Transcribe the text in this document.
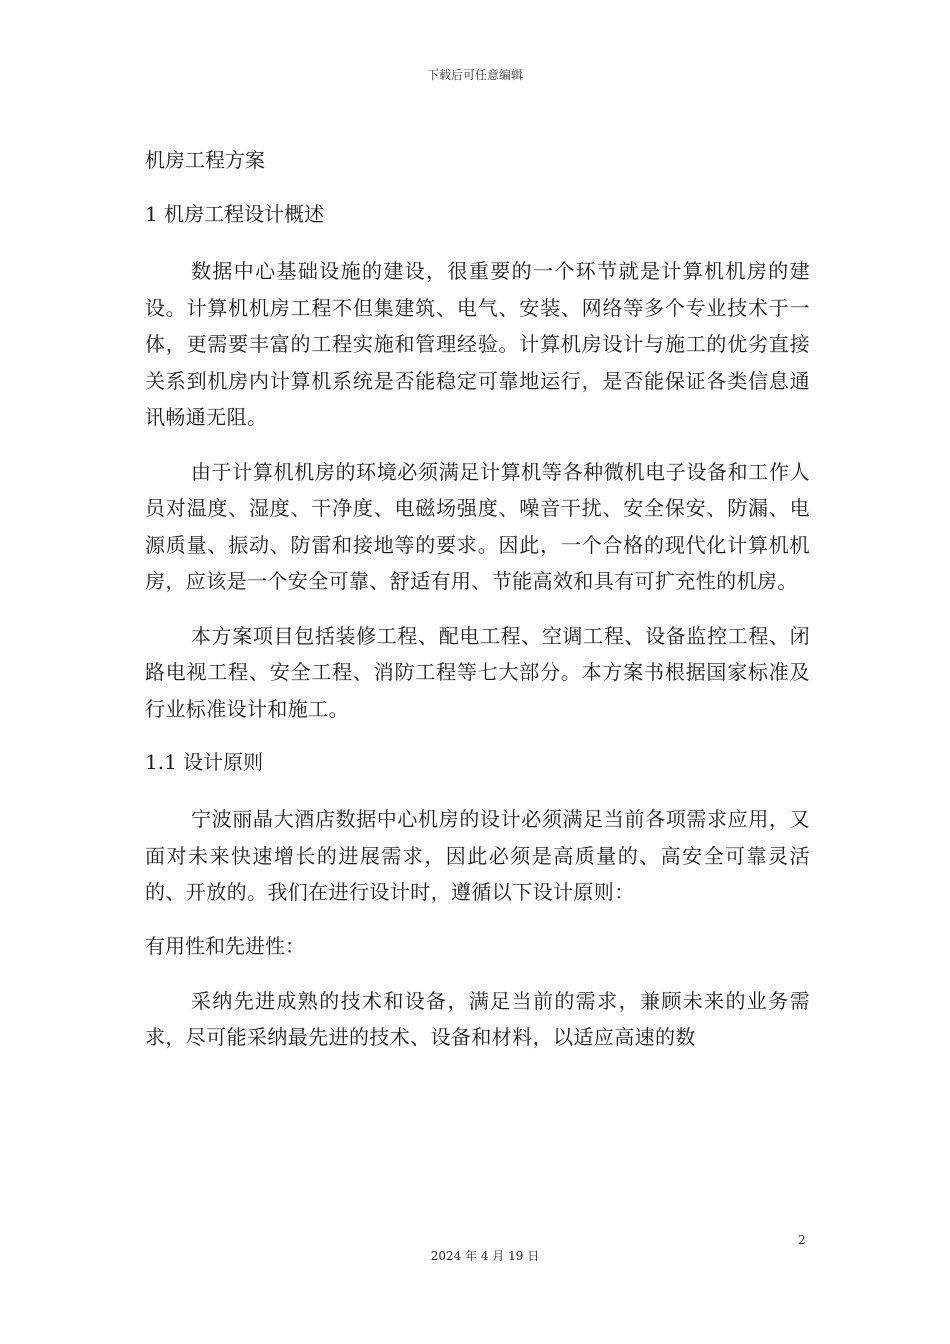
下载后可任意编辑
机房工程方案
1 机房工程设计概述

数据中心基础设施的建设，很重要的一个环节就是计算机机房的建设。计算机机房工程不但集建筑、电气、安装、网络等多个专业技术于一体，更需要丰富的工程实施和管理经验。计算机房设计与施工的优劣直接关系到机房内计算机系统是否能稳定可靠地运行，是否能保证各类信息通讯畅通无阻。

由于计算机机房的环境必须满足计算机等各种微机电子设备和工作人员对温度、湿度、干净度、电磁场强度、噪音干扰、安全保安、防漏、电源质量、振动、防雷和接地等的要求。因此，一个合格的现代化计算机机房，应该是一个安全可靠、舒适有用、节能高效和具有可扩充性的机房。

本方案项目包括装修工程、配电工程、空调工程、设备监控工程、闭路电视工程、安全工程、消防工程等七大部分。本方案书根据国家标准及行业标准设计和施工。

1.1 设计原则

宁波丽晶大酒店数据中心机房的设计必须满足当前各项需求应用，又面对未来快速增长的进展需求，因此必须是高质量的、高安全可靠灵活的、开放的。我们在进行设计时，遵循以下设计原则：

有用性和先进性：

采纳先进成熟的技术和设备，满足当前的需求，兼顾未来的业务需求，尽可能采纳最先进的技术、设备和材料，以适应高速的数

2
2024 年 4 月 19 日
